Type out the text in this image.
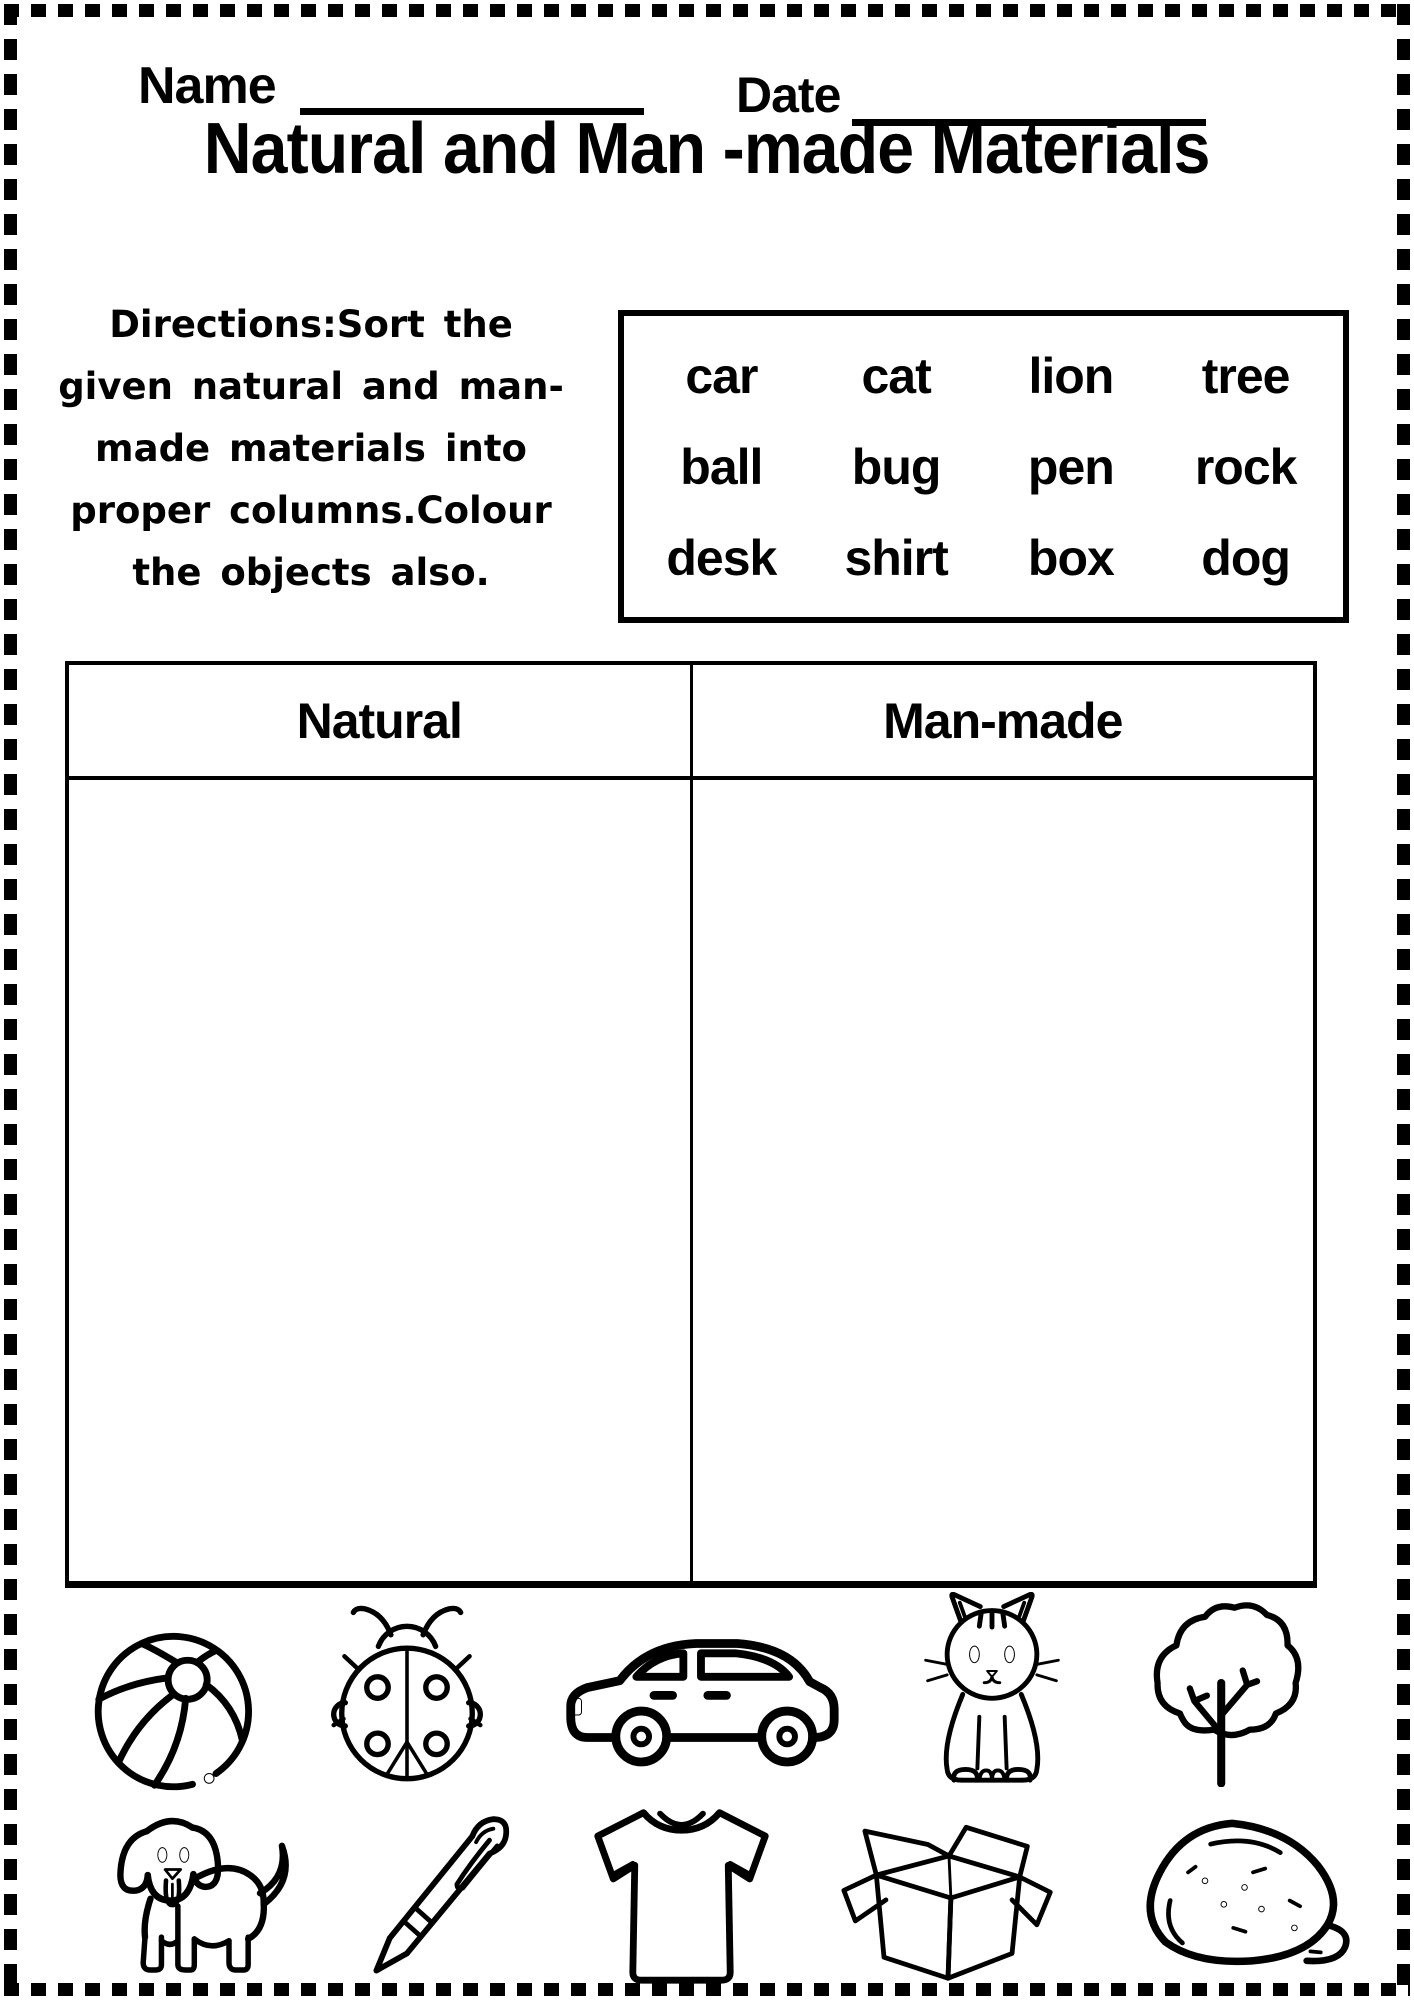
Name	Date
Natural and Man -made Materials
Directions:Sort the
given natural and man-
made materials into
proper columns.Colour
the objects also.
car cat lion tree
ball bug pen rock
desk shirt box dog
Natural	Man-made
